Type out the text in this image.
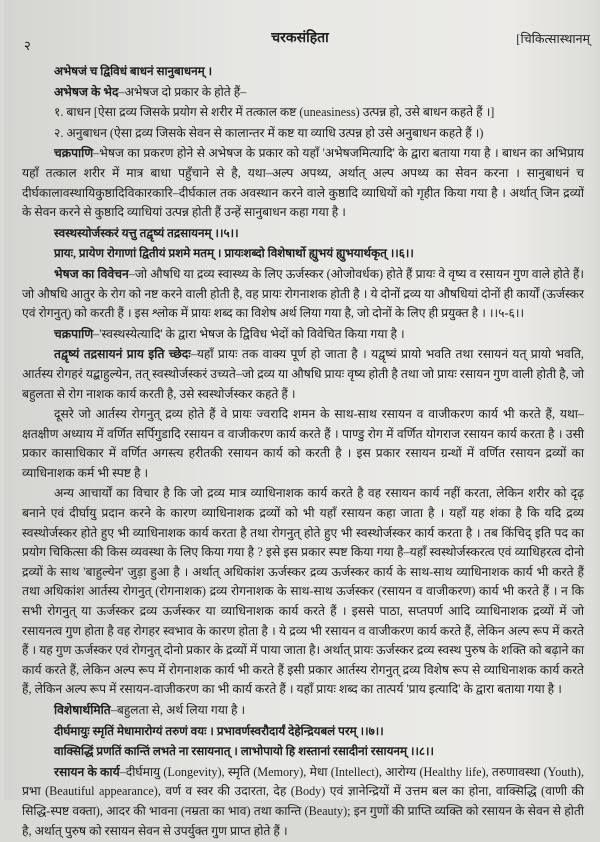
२	चरकसंहिता	[चिकित्सास्थानम्

अभेषजं च द्विविधं बाधनं सानुबाधनम् ।

अभेषज के भेद–अभेषज दो प्रकार के होते हैं–

१. बाधन [ऐसा द्रव्य जिसके प्रयोग से शरीर में तत्काल कष्ट (uneasiness) उत्पन्न हो, उसे बाधन कहते हैं ।]

२. अनुबाधन (ऐसा द्रव्य जिसके सेवन से कालान्तर में कष्ट या व्याधि उत्पन्न हो उसे अनुबाधन कहते हैं ।)

चक्रपाणि–भेषज का प्रकरण होने से अभेषज के प्रकार को यहाँ 'अभेषजमित्यादि' के द्वारा बताया गया है । बाधन का अभिप्राय यहाँ तत्काल शरीर में मात्र बाधा पहुँचाने से है, यथा–अल्प अपथ्य, अर्थात् अल्प अपथ्य का सेवन करना । सानुबाधनं च दीर्घकालावस्थायिकुष्ठादिविकारकारि–दीर्घकाल तक अवस्थान करने वाले कुष्ठादि व्याधियों को गृहीत किया गया है । अर्थात् जिन द्रव्यों के सेवन करने से कुष्ठादि व्याधियां उत्पन्न होती हैं उन्हें सानुबाधन कहा गया है ।

स्वस्थस्योर्जस्करं यत्तु तद्वृष्यं तद्रसायनम् ।।५।।

प्रायः, प्रायेण रोगाणां द्वितीयं प्रशमे मतम् । प्रायःशब्दो विशेषार्थो ह्युभयं ह्युभयार्थकृत् ।।६।।

भेषज का विवेचन–जो औषधि या द्रव्य स्वास्थ्य के लिए ऊर्जस्कर (ओजोवर्धक) होते हैं प्रायः वे वृष्य व रसायन गुण वाले होते हैं। जो औषधि आतुर के रोग को नष्ट करने वाली होती है, वह प्रायः रोगनाशक होती है । ये दोनों द्रव्य या औषधियां दोनों ही कार्यों (ऊर्जस्कर एवं रोगनुत्) को करती हैं । इस श्लोक में प्रायः शब्द का विशेष अर्थ लिया गया है, जो दोनों के लिए ही प्रयुक्त है । ।।५-६।।

चक्रपाणि–'स्वस्थस्येत्यादि' के द्वारा भेषज के द्विविध भेदों को विवेचित किया गया है ।

तद्वृष्यं तद्रसायनं प्राय इति च्छेदः–यहाँ प्रायः तक वाक्य पूर्ण हो जाता है । यद्वृष्यं प्रायो भवति तथा रसायनं यत् प्रायो भवति, आर्तस्य रोगहरं यद्बाहुल्येन, तत् स्वस्थोर्जस्करं उच्यते–जो द्रव्य या औषधि प्रायः वृष्य होती है तथा जो प्रायः रसायन गुण वाली होती है, जो बहुलता से रोग नाशक कार्य करती है, उसे स्वस्थोर्जस्कर कहते हैं ।

दूसरे जो आर्तस्य रोगनुत् द्रव्य होते हैं वे प्रायः ज्वरादि शमन के साथ-साथ रसायन व वाजीकरण कार्य भी करते हैं, यथा–क्षतक्षीण अध्याय में वर्णित सर्पिगुडादि रसायन व वाजीकरण कार्य करते हैं । पाण्डु रोग में वर्णित योगराज रसायन कार्य करता है । उसी प्रकार कासाधिकार में वर्णित अगस्त्य हरीतकी रसायन कार्य को करती है । इस प्रकार रसायन ग्रन्थों में वर्णित रसायन द्रव्यों का व्याधिनाशक कर्म भी स्पष्ट है ।

अन्य आचार्यों का विचार है कि जो द्रव्य मात्र व्याधिनाशक कार्य करते है वह रसायन कार्य नहीं करता, लेकिन शरीर को दृढ़ बनाने एवं दीर्घायु प्रदान करने के कारण व्याधिनाशक द्रव्यों को भी यहाँ रसायन कहा जाता है । यहाँ यह शंका है कि यदि द्रव्य स्वस्थोर्जस्कर होते हुए भी व्याधिनाशक कार्य करता है तथा रोगनुत् होते हुए भी स्वस्थोर्जस्कर कार्य करता है । तब किंचिद् इति पद का प्रयोग चिकित्सा की किस व्यवस्था के लिए किया गया है ? इसे इस प्रकार स्पष्ट किया गया है–यहाँ स्वस्थोर्जस्करत्व एवं व्याधिहरत्व दोनो द्रव्यों के साथ 'बाहुल्येन' जुड़ा हुआ है । अर्थात् अधिकांश ऊर्जस्कर द्रव्य ऊर्जस्कर कार्य के साथ-साथ व्याधिनाशक कार्य भी करते हैं तथा अधिकांश आर्तस्य रोगनुत् (रोगनाशक) द्रव्य रोगनाशक के साथ-साथ ऊर्जस्कर (रसायन व वाजीकरण) कार्य भी करते हैं । न कि सभी रोगनुत् या ऊर्जस्कर द्रव्य ऊर्जस्कर या व्याधिनाशक कार्य करते हैं । इससे पाठा, सप्तपर्ण आदि व्याधिनाशक द्रव्यों में जो रसायनत्व गुण होता है वह रोगहर स्वभाव के कारण होता है । ये द्रव्य भी रसायन व वाजीकरण कार्य करते हैं, लेकिन अल्प रूप में करते हैं । यह गुण ऊर्जस्कर एवं रोगनुत् दोनो प्रकार के द्रव्यों में पाया जाता है। अर्थात् प्रायः ऊर्जस्कर द्रव्य स्वस्थ पुरुष के शक्ति को बढ़ाने का कार्य करते हैं, लेकिन अल्प रूप में रोगनाशक कार्य भी करते हैं इसी प्रकार आर्तस्य रोगनुत् द्रव्य विशेष रूप से व्याधिनाशक कार्य करते हैं, लेकिन अल्प रूप में रसायन-वाजीकरण का भी कार्य करते हैं । यहाँ प्रायः शब्द का तात्पर्य 'प्राय इत्यादि' के द्वारा बताया गया है ।

विशेषार्थमिति–बहुलता से, अर्थ लिया गया है ।

दीर्घमायुः स्मृतिं मेधामारोग्यं तरुणं वयः । प्रभावर्णस्वरौदार्यं देहेन्द्रियबलं परम् ।।७।।

वाक्सिद्धिं प्रणतिं कान्तिं लभते ना रसायनात् । लाभोपायो हि शस्तानां रसादीनां रसायनम् ।।८।।

रसायन के कार्य–दीर्घमायु (Longevity), स्मृति (Memory), मेधा (Intellect), आरोग्य (Healthy life), तरुणावस्था (Youth), प्रभा (Beautiful appearance), वर्ण व स्वर की उदारता, देह (Body) एवं ज्ञानेन्द्रियों में उत्तम बल का होना, वाक्सिद्धि (वाणी की सिद्धि-स्पष्ट वक्ता), आदर की भावना (नम्रता का भाव) तथा कान्ति (Beauty); इन गुणों की प्राप्ति व्यक्ति को रसायन के सेवन से होती है, अर्थात् पुरुष को रसायन सेवन से उपर्युक्त गुण प्राप्त होते हैं ।
